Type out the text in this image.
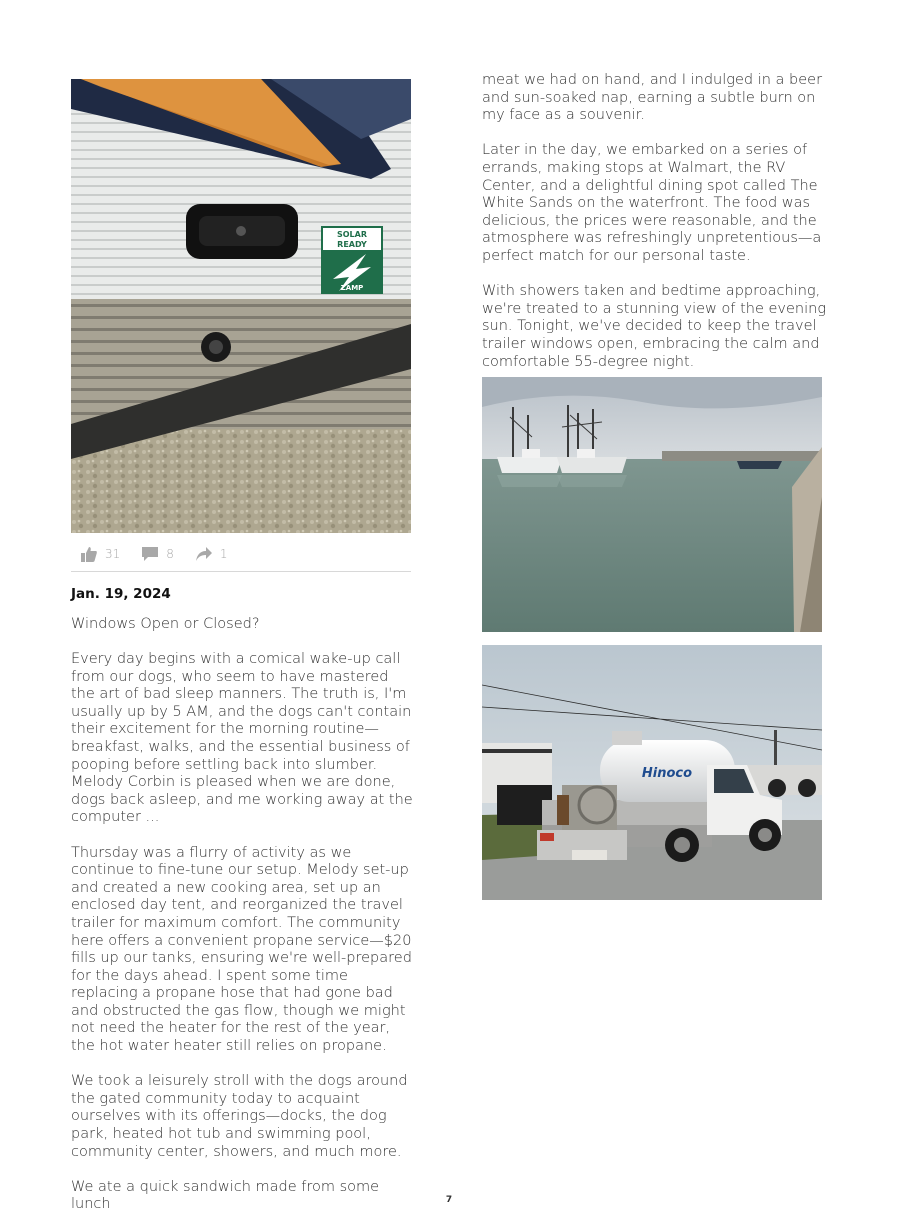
SOLAR
READY
ZAMP
31	8	1
Jan. 19, 2024
Windows Open or Closed?

Every day begins with a comical wake-up call from our dogs, who seem to have mastered the art of bad sleep manners. The truth is, I'm usually up by 5 AM, and the dogs can't contain their excitement for the morning routine—breakfast, walks, and the essential business of pooping before settling back into slumber. Melody Corbin is pleased when we are done, dogs back asleep, and me working away at the computer ...

Thursday was a flurry of activity as we continue to fine-tune our setup. Melody set-up and created a new cooking area, set up an enclosed day tent, and reorganized the travel trailer for maximum comfort. The community here offers a convenient propane service—$20 fills up our tanks, ensuring we're well-prepared for the days ahead. I spent some time replacing a propane hose that had gone bad and obstructed the gas flow, though we might not need the heater for the rest of the year, the hot water heater still relies on propane.

We took a leisurely stroll with the dogs around the gated community today to acquaint ourselves with its offerings—docks, the dog park, heated hot tub and swimming pool, community center, showers, and much more.

We ate a quick sandwich made from some lunch

meat we had on hand, and I indulged in a beer and sun-soaked nap, earning a subtle burn on my face as a souvenir.

Later in the day, we embarked on a series of errands, making stops at Walmart, the RV Center, and a delightful dining spot called The White Sands on the waterfront. The food was delicious, the prices were reasonable, and the atmosphere was refreshingly unpretentious—a perfect match for our personal taste.

With showers taken and bedtime approaching, we're treated to a stunning view of the evening sun. Tonight, we've decided to keep the travel trailer windows open, embracing the calm and comfortable 55-degree night.

Hinoco
7
